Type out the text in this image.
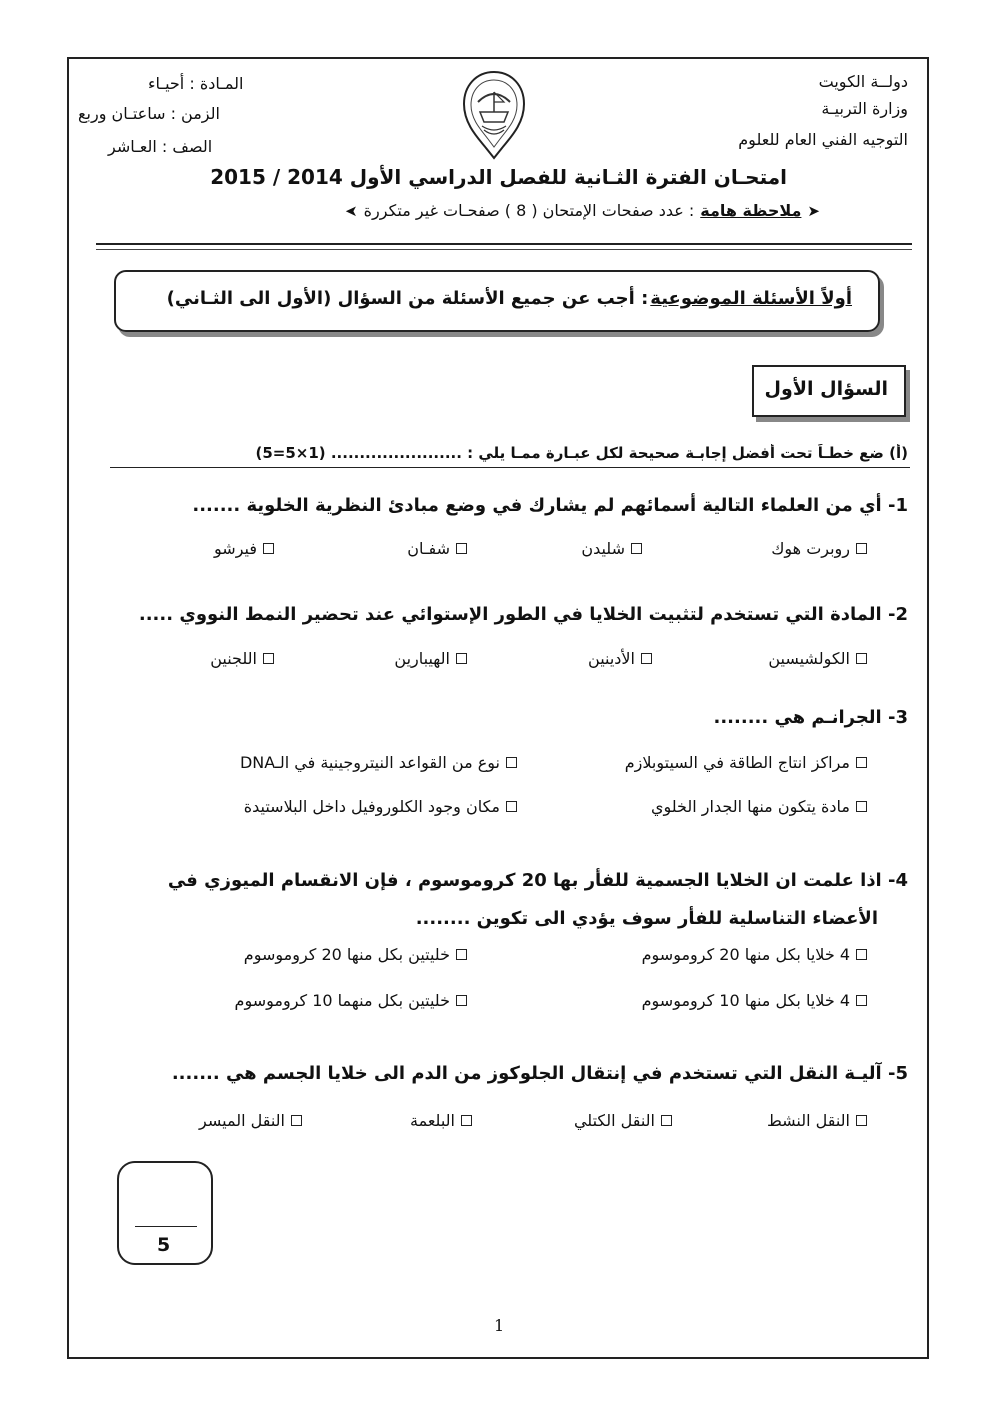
دولــة الكويت
وزارة التربيـة
التوجيه الفني العام للعلوم
المـادة : أحيـاء
الزمن : ساعتـان وربع
الصف : العـاشر
امتحـان الفترة الثـانية للفصل الدراسي الأول 2014 / 2015
➤
ملاحظة هامة
: عدد صفحات الإمتحان ( 8 ) صفحـات غير متكررة
➤
أولاً الأسئلة الموضوعية
: أجب عن جميع الأسئلة من السؤال (الأول الى الثـاني)
السؤال الأول
(أ) ضع خطـاً تحت أفضل إجابـة صحيحة لكل عبـارة ممـا يلي : ....................... (1×5=5)
1- أي من العلماء التالية أسمائهم لم يشارك في وضع مبادئ النظرية الخلوية .......
روبرت هوك
شليدن
شفـان
فيرشو
2- المادة التي تستخدم لتثبيت الخلايا في الطور الإستوائي عند تحضير النمط النووي .....
الكولشيسين
الأدينين
الهيبارين
اللجنين
3- الجرانـم هي ........
مراكز انتاج الطاقة في السيتوبلازم
نوع من القواعد النيتروجينية في الـDNA
مادة يتكون منها الجدار الخلوي
مكان وجود الكلوروفيل داخل البلاستيدة
4- اذا علمت ان الخلايا الجسمية للفأر بها 20 كروموسوم ، فإن الانقسام الميوزي في
الأعضاء التناسلية للفأر سوف يؤدي الى تكوين ........
4 خلايا بكل منها 20 كروموسوم
خليتين بكل منها 20 كروموسوم
4 خلايا بكل منها 10 كروموسوم
خليتين بكل منهما 10 كروموسوم
5- آليـة النقل التي تستخدم في إنتقال الجلوكوز من الدم الى خلايا الجسم هي .......
النقل النشط
النقل الكتلي
البلعمة
النقل الميسر
5
1
